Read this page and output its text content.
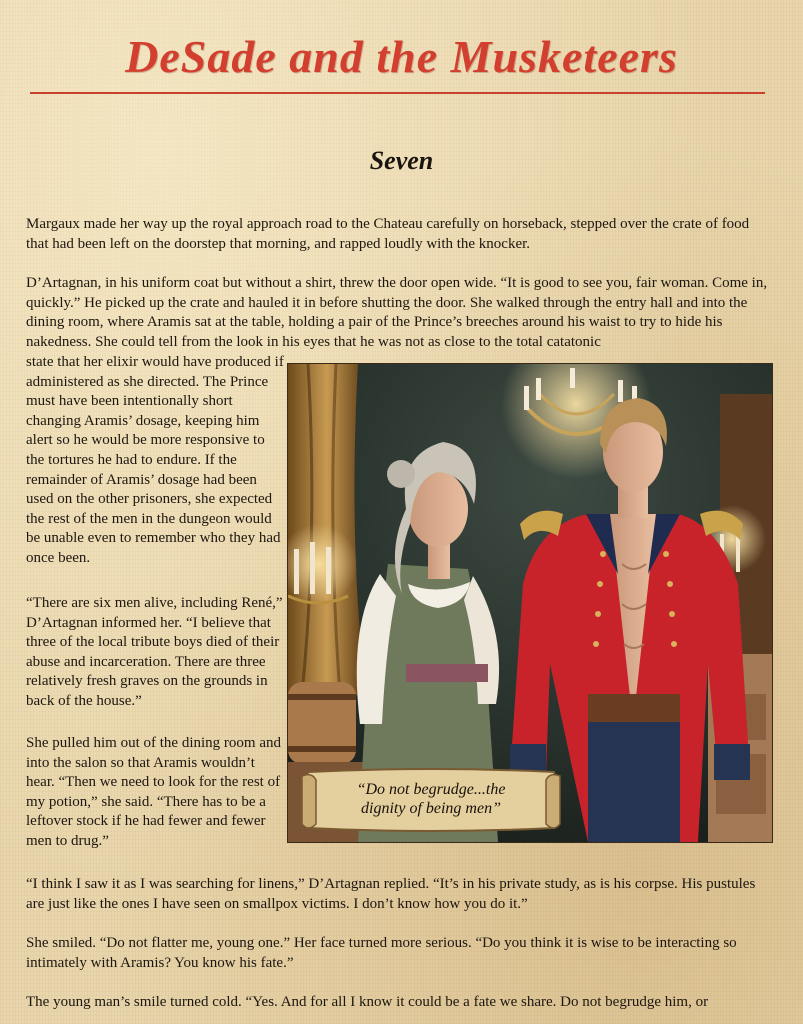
DeSade and the Musketeers
Seven

Margaux made her way up the royal approach road to the Chateau carefully on horseback, stepped over the crate of food that had been left on the doorstep that morning, and rapped loudly with the knocker.

D’Artagnan, in his uniform coat but without a shirt, threw the door open wide. “It is good to see you, fair woman. Come in, quickly.” He picked up the crate and hauled it in before shutting the door. She walked through the entry hall and into the dining room, where Aramis sat at the table, holding a pair of the Prince’s breeches around his waist to try to hide his nakedness. She could tell from the look in his eyes that he was not as close to the total catatonic

state that her elixir would have produced if administered as she directed. The Prince must have been intentionally short changing Aramis’ dosage, keeping him alert so he would be more responsive to the tortures he had to endure. If the remainder of Aramis’ dosage had been used on the other prisoners, she expected the rest of the men in the dungeon would be unable even to remember who they had once been.

“There are six men alive, including René,” D’Artagnan informed her. “I believe that three of the local tribute boys died of their abuse and incarceration. There are three relatively fresh graves on the grounds in back of the house.”

She pulled him out of the dining room and into the salon so that Aramis wouldn’t hear. “Then we need to look for the rest of my potion,” she said. “There has to be a leftover stock if he had fewer and fewer men to drug.”

“I think I saw it as I was searching for linens,” D’Artagnan replied. “It’s in his private study, as is his corpse. His pustules are just like the ones I have seen on smallpox victims. I don’t know how you do it.”

She smiled. “Do not flatter me, young one.” Her face turned more serious. “Do you think it is wise to be interacting so intimately with Aramis? You know his fate.”

The young man’s smile turned cold. “Yes. And for all I know it could be a fate we share. Do not begrudge him, or

“Do not begrudge...the
dignity of being men”
